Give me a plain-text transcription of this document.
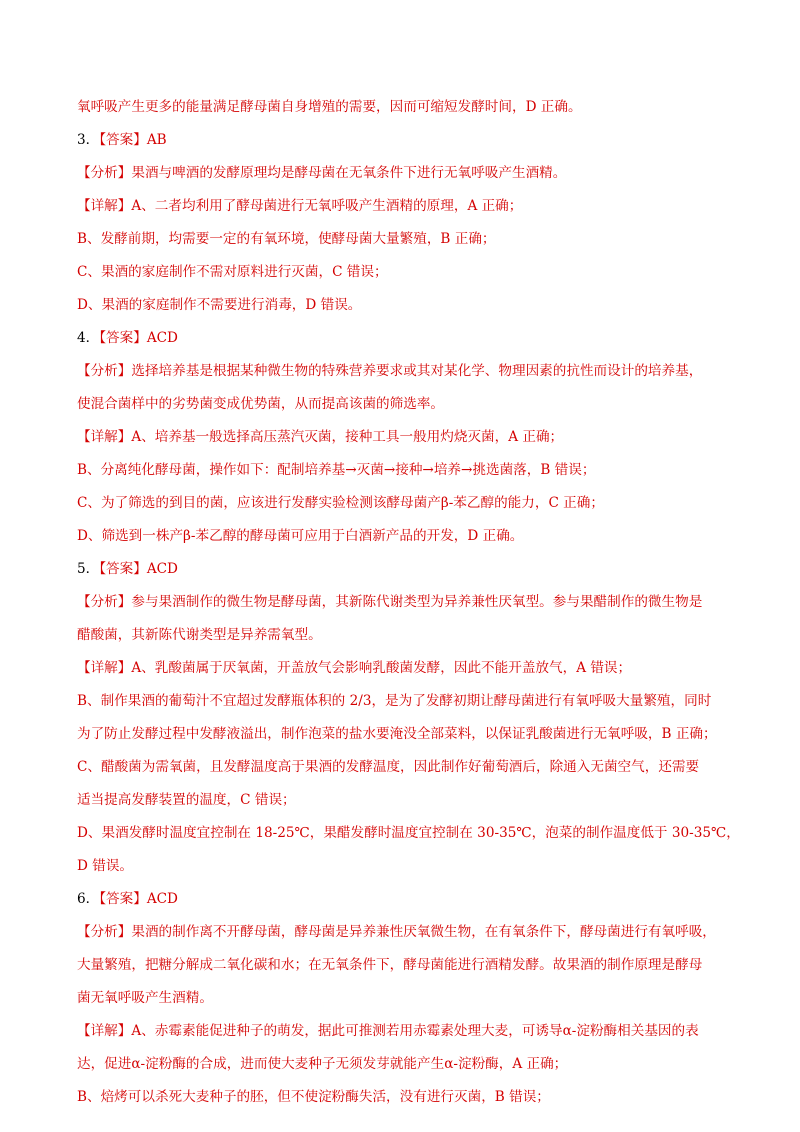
氧呼吸产生更多的能量满足酵母菌自身增殖的需要，因而可缩短发酵时间，D 正确。
3．【答案】AB
【分析】果酒与啤酒的发酵原理均是酵母菌在无氧条件下进行无氧呼吸产生酒精。
【详解】A、二者均利用了酵母菌进行无氧呼吸产生酒精的原理，A 正确；
B、发酵前期，均需要一定的有氧环境，使酵母菌大量繁殖，B 正确；
C、果酒的家庭制作不需对原料进行灭菌，C 错误；
D、果酒的家庭制作不需要进行消毒，D 错误。
4．【答案】ACD
【分析】选择培养基是根据某种微生物的特殊营养要求或其对某化学、物理因素的抗性而设计的培养基，
使混合菌样中的劣势菌变成优势菌，从而提高该菌的筛选率。
【详解】A、培养基一般选择高压蒸汽灭菌，接种工具一般用灼烧灭菌，A 正确；
B、分离纯化酵母菌，操作如下：配制培养基→灭菌→接种→培养→挑选菌落，B 错误；
C、为了筛选的到目的菌，应该进行发酵实验检测该酵母菌产β-苯乙醇的能力，C 正确；
D、筛选到一株产β-苯乙醇的酵母菌可应用于白酒新产品的开发，D 正确。
5．【答案】ACD
【分析】参与果酒制作的微生物是酵母菌，其新陈代谢类型为异养兼性厌氧型。参与果醋制作的微生物是
醋酸菌，其新陈代谢类型是异养需氧型。
【详解】A、乳酸菌属于厌氧菌，开盖放气会影响乳酸菌发酵，因此不能开盖放气，A 错误；
B、制作果酒的葡萄汁不宜超过发酵瓶体积的 2/3，是为了发酵初期让酵母菌进行有氧呼吸大量繁殖，同时
为了防止发酵过程中发酵液溢出，制作泡菜的盐水要淹没全部菜料，以保证乳酸菌进行无氧呼吸，B 正确；
C、醋酸菌为需氧菌，且发酵温度高于果酒的发酵温度，因此制作好葡萄酒后，除通入无菌空气，还需要
适当提高发酵装置的温度，C 错误；
D、果酒发酵时温度宜控制在 18-25℃，果醋发酵时温度宜控制在 30-35℃，泡菜的制作温度低于 30-35℃，
D 错误。
6．【答案】ACD
【分析】果酒的制作离不开酵母菌，酵母菌是异养兼性厌氧微生物，在有氧条件下，酵母菌进行有氧呼吸，
大量繁殖，把糖分解成二氧化碳和水；在无氧条件下，酵母菌能进行酒精发酵。故果酒的制作原理是酵母
菌无氧呼吸产生酒精。
【详解】A、赤霉素能促进种子的萌发，据此可推测若用赤霉素处理大麦，可诱导α-淀粉酶相关基因的表
达，促进α-淀粉酶的合成，进而使大麦种子无须发芽就能产生α-淀粉酶，A 正确；
B、焙烤可以杀死大麦种子的胚，但不使淀粉酶失活，没有进行灭菌，B 错误；
